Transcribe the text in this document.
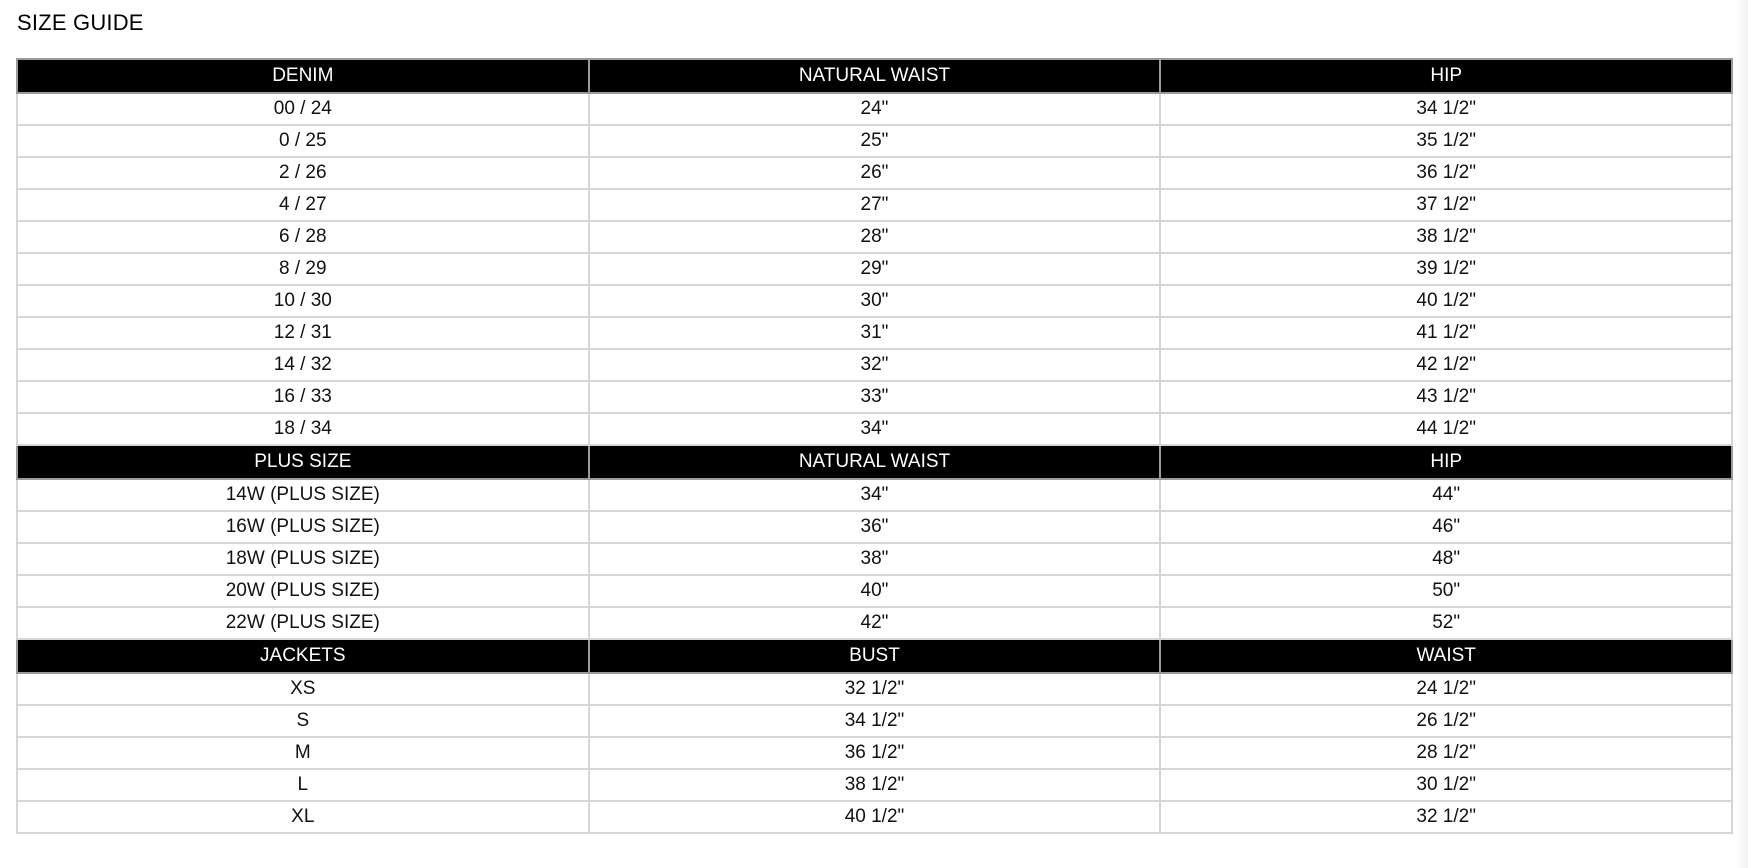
SIZE GUIDE
DENIM	NATURAL WAIST	HIP
00 / 24	24"	34 1/2"
0 / 25	25"	35 1/2"
2 / 26	26"	36 1/2"
4 / 27	27"	37 1/2"
6 / 28	28"	38 1/2"
8 / 29	29"	39 1/2"
10 / 30	30"	40 1/2"
12 / 31	31"	41 1/2"
14 / 32	32"	42 1/2"
16 / 33	33"	43 1/2"
18 / 34	34"	44 1/2"
PLUS SIZE	NATURAL WAIST	HIP
14W (PLUS SIZE)	34"	44"
16W (PLUS SIZE)	36"	46"
18W (PLUS SIZE)	38"	48"
20W (PLUS SIZE)	40"	50"
22W (PLUS SIZE)	42"	52"
JACKETS	BUST	WAIST
XS	32 1/2"	24 1/2"
S	34 1/2"	26 1/2"
M	36 1/2"	28 1/2"
L	38 1/2"	30 1/2"
XL	40 1/2"	32 1/2"
